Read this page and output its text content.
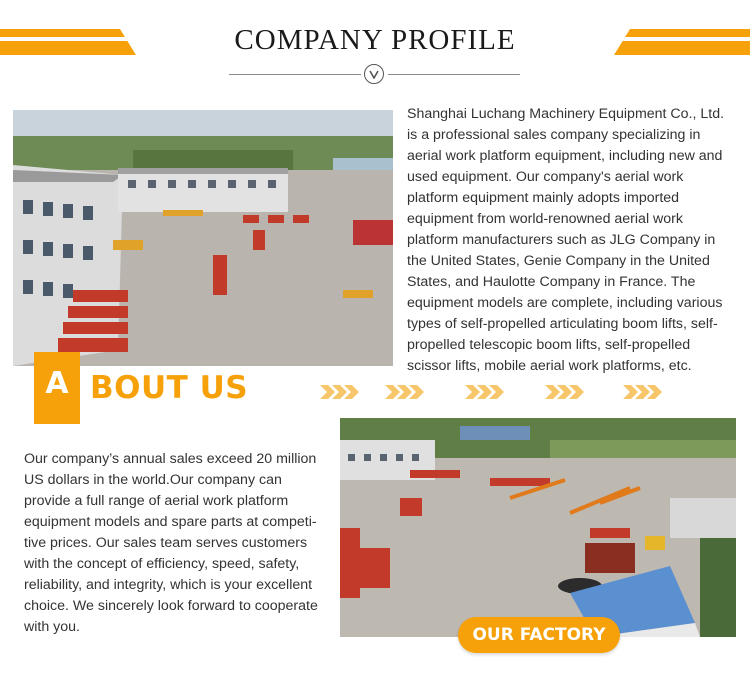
COMPANY PROFILE
Shanghai Luchang Machinery Equipment Co., Ltd. is a professional sales company specializing in aerial work platform equipment, including new and used equipment. Our company's aerial work platform equipment mainly adopts imported equipment from world-renowned aerial work platform manufacturers such as JLG Company in the United States, Genie Company in the United States, and Haulotte Company in France. The equipment models are complete, including various types of self-propelled articulating boom lifts, self-propelled telescopic boom lifts, self-propelled scissor lifts, mobile aerial work platforms, etc.
A BOUT US
Our company’s annual sales exceed 20 million US dollars in the world.Our company can provide a full range of aerial work platform equipment models and spare parts at competi-tive prices. Our sales team serves customers with the concept of efficiency, speed, safety, reliability, and integrity, which is your excellent choice. We sincerely look forward to cooperate with you.	OUR FACTORY
